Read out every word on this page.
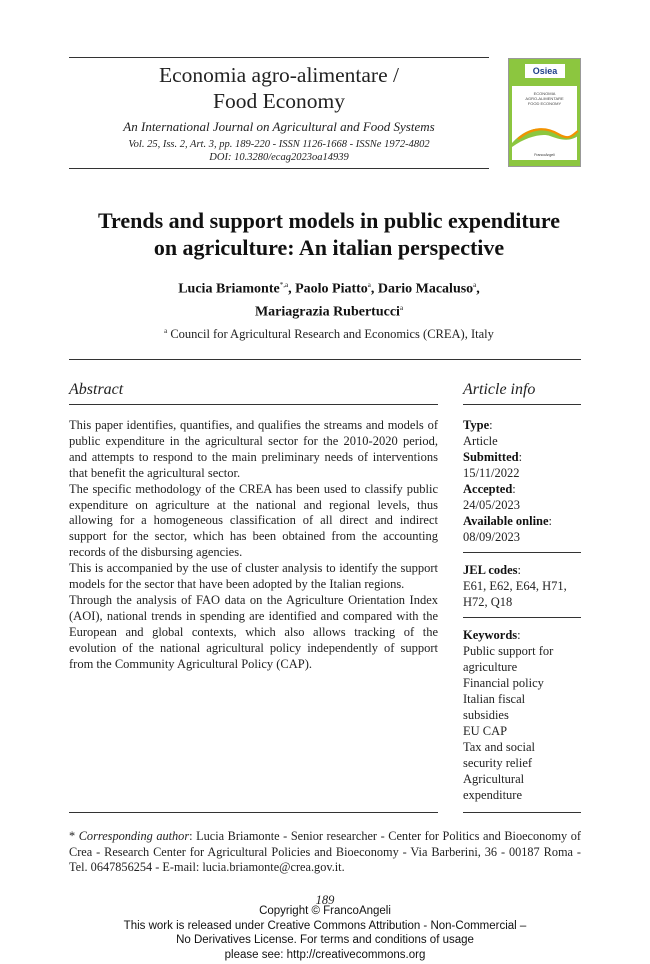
Economia agro-alimentare /
Food Economy
An International Journal on Agricultural and Food Systems
Vol. 25, Iss. 2, Art. 3, pp. 189-220 - ISSN 1126-1668 - ISSNe 1972-4802
DOI: 10.3280/ecag2023oa14939
Osiea
ECONOMIA
AGRO-ALIMENTARE
FOOD ECONOMY
FrancoAngeli
Trends and support models in public expenditure
on agriculture: An italian perspective
Lucia Briamonte$^{*,a}$, Paolo Piatto$^a$, Dario Macaluso$^a$,
Mariagrazia Rubertucci$^a$
$^a$ Council for Agricultural Research and Economics (CREA), Italy
Abstract

This paper identifies, quantifies, and qualifies the streams and models of public expenditure in the agricultural sector for the 2010-2020 period, and attempts to respond to the main preliminary needs of interventions that benefit the agricultural sector.

The specific methodology of the CREA has been used to classify public expenditure on agriculture at the national and regional levels, thus allowing for a homogeneous classification of all direct and indirect support for the sector, which has been obtained from the accounting records of the disbursing agencies.

This is accompanied by the use of cluster analysis to identify the support models for the sector that have been adopted by the Italian regions.

Through the analysis of FAO data on the Agriculture Orientation Index (AOI), national trends in spending are identified and compared with the European and global contexts, which also allows tracking of the evolution of the national agricultural policy independently of support from the Community Agricultural Policy (CAP).

Article info
Type:
Article
Submitted:
15/11/2022
Accepted:
24/05/2023
Available online:
08/09/2023
JEL codes:
E61, E62, E64, H71,
H72, Q18
Keywords:
Public support for
agriculture
Financial policy
Italian fiscal
subsidies
EU CAP
Tax and social
security relief
Agricultural
expenditure
* Corresponding author: Lucia Briamonte - Senior researcher - Center for Politics and Bioeconomy of Crea - Research Center for Agricultural Policies and Bioeconomy - Via Barberini, 36 - 00187 Roma - Tel. 0647856254 - E-mail: lucia.briamonte@crea.gov.it.
189
Copyright © FrancoAngeli
This work is released under Creative Commons Attribution - Non-Commercial –
No Derivatives License. For terms and conditions of usage
please see: http://creativecommons.org
